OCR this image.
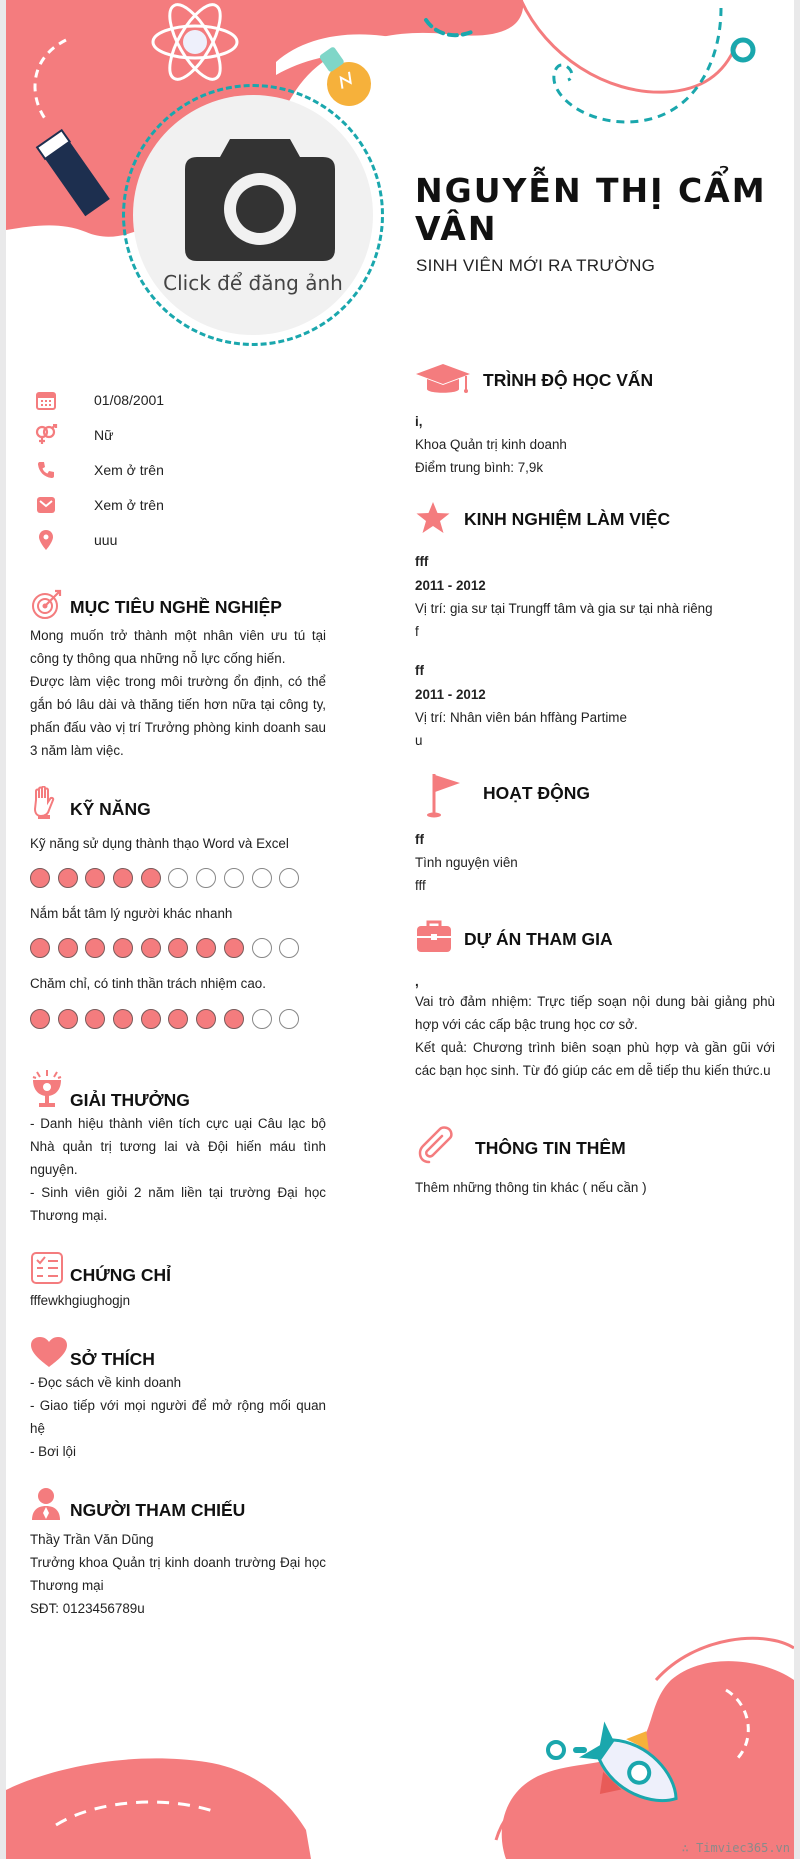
Click để đăng ảnh
NGUYỄN THỊ CẨM VÂN
SINH VIÊN MỚI RA TRƯỜNG
01/08/2001
Nữ
Xem ở trên
Xem ở trên
uuu
MỤC TIÊU NGHỀ NGHIỆP

Mong muốn trở thành một nhân viên ưu tú tại công ty thông qua những nỗ lực cống hiến.

Được làm việc trong môi trường ổn định, có thể gắn bó lâu dài và thăng tiến hơn nữa tại công ty, phấn đấu vào vị trí Trưởng phòng kinh doanh sau 3 năm làm việc.

KỸ NĂNG
Kỹ năng sử dụng thành thạo Word và Excel
Nắm bắt tâm lý người khác nhanh
Chăm chỉ, có tinh thần trách nhiệm cao.
GIẢI THƯỞNG

- Danh hiệu thành viên tích cực uại Câu lạc bộ Nhà quản trị tương lai và Đội hiến máu tình nguyện.

- Sinh viên giỏi 2 năm liền tại trường Đại học Thương mại.

CHỨNG CHỈ
fffewkhgiughogjn
SỞ THÍCH

- Đọc sách về kinh doanh

- Giao tiếp với mọi người để mở rộng mối quan hệ

- Bơi lội

NGƯỜI THAM CHIẾU

Thầy Trần Văn Dũng

Trưởng khoa Quản trị kinh doanh trường Đại học Thương mại

SĐT: 0123456789u

TRÌNH ĐỘ HỌC VẤN
i,
Khoa Quản trị kinh doanh
Điểm trung bình: 7,9k
KINH NGHIỆM LÀM VIỆC
fff
2011 - 2012
Vị trí: gia sư tại Trungff tâm và gia sư tại nhà riêng
f
ff
2011 - 2012
Vị trí: Nhân viên bán hffàng Partime
u
HOẠT ĐỘNG
ff
Tình nguyện viên
fff
DỰ ÁN THAM GIA
,
Vai trò đảm nhiệm: Trực tiếp soạn nội dung bài giảng phù hợp với các cấp bậc trung học cơ sở.
Kết quả: Chương trình biên soạn phù hợp và gần gũi với các bạn học sinh. Từ đó giúp các em dễ tiếp thu kiến thức.u
THÔNG TIN THÊM
Thêm những thông tin khác ( nếu cần )
∴ Timviec365.vn
